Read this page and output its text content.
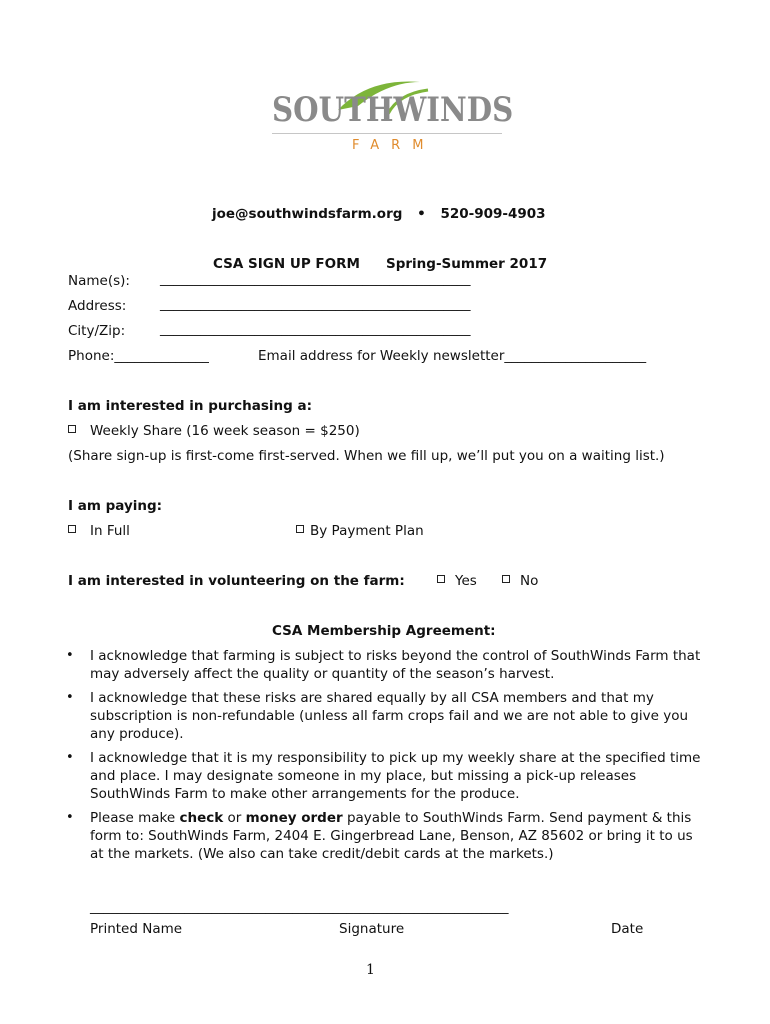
SOUTHWINDS
FARM
joe@southwindsfarm.org • 520-909-4903
CSA SIGN UP FORM Spring-Summer 2017
Name(s): ______________________________________________
Address: ______________________________________________
City/Zip:	______________________________________________
Phone:______________	Email address for Weekly newsletter_____________________
I am interested in purchasing a:
Weekly Share (16 week season = $250)
(Share sign-up is first-come first-served. When we fill up, we’ll put you on a waiting list.)
I am paying:
In Full	By Payment Plan
I am interested in volunteering on the farm:	Yes	No
CSA Membership Agreement:
• I acknowledge that farming is subject to risks beyond the control of SouthWinds Farm that may adversely affect the quality or quantity of the season’s harvest.
• I acknowledge that these risks are shared equally by all CSA members and that my subscription is non-refundable (unless all farm crops fail and we are not able to give you any produce).
• I acknowledge that it is my responsibility to pick up my weekly share at the specified time and place. I may designate someone in my place, but missing a pick-up releases SouthWinds Farm to make other arrangements for the produce.
• Please make check or money order payable to SouthWinds Farm. Send payment & this form to: SouthWinds Farm, 2404 E. Gingerbread Lane, Benson, AZ 85602 or bring it to us at the markets. (We also can take credit/debit cards at the markets.)
______________________________________________________________
Printed Name	Signature	Date
1
